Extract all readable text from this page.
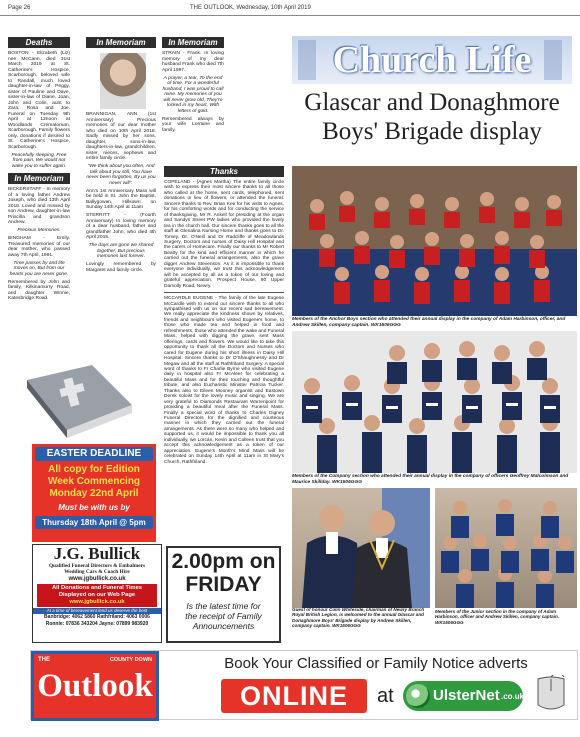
Page 26	THE OUTLOOK, Wednesday, 10th April 2019
Deaths

BOSTON - Elizabeth (Liz) nee McCann, died 31st March 2019 at St. Catherine's Hospice, Scarborough, beloved wife to Randall, much loved daughter-in-law of Peggy, sister of Pauline and Dave, sister-in-law of Diane, Joan, John and Colin, aunt to Zara, Rosa and Joe. Funeral on Tuesday 9th April at 12noon at Woodlands Crematorium, Scarborough. Family flowers only, donations if desired to St. Catherine's Hospice, Scarborough.

Peacefully sleeping, Free from pain, We would not wake you to suffer again.

In Memoriam

BICKERSTAFF - In memory of a loving father Andrew Joseph, who died 13th April 2018. Loved and missed by son Andrew, daughter-in-law Priscilla and grandson Andrew.

Precious Memories.

BINGHAM - Emily. Treasured memories of our dear mother, who passed away 7th April, 1991.

Time passes by and life moves on, But from our hearts you are never gone.

Remembered by John and family, Kilkinamurry Road, and daughter Winnie, Katesbridge Road.

In Memoriam

BRANNIGAN, ANN (1st Anniversary) Precious memories of our dear mother who died on 10th April 2018. Sadly missed by her sons, daughter, sons-in-law, daughters-in-law, grandchildren, sister, nieces, nephews and entire family circle.

"We think about you often, And talk about you still, You have never been forgotten, By us you never will".

Ann's 1st Anniversary Mass will be held in St. John the Baptist, Ballygowan, Hillsown on Sunday 14th April at 11am

STERRITT - (Fourth Anniversary) In loving memory of a dear husband, father and grandfather John, who died 4th April 2015.

The days are gone we shared together, But precious memories last forever.

Lovingly remembered by Margaret and family circle.

In Memoriam

STRAIN - Frank. In loving memory of my dear husband Frank who died 7th April 1997.

A prayer, a tear, To the end of time. For a wonderful husband, I was proud to call mine. My memories of you will never grow old, They're locked in my heart, With letters of gold.

Remembered always by your wife Lorraine and family.

EASTER DEADLINE
All copy for Edition
Week Commencing
Monday 22nd April
Must be with us by
Thursday 18th April @ 5pm
J.G. Bullick
Qualified Funeral Directors & Embalmers
Wedding Cars & Coach Hire
www.jgbullick.co.uk
All Donations and Funeral Times
Displayed on our Web Page
www.jgbullick.co.uk
At a time of bereavement lend us deserve the best
Banbridge: 4062 5860 Rathfriland: 4063 0006
Ronnie: 07836 343204 Jayne: 07899 983920
2.00pm on
FRIDAY
Is the latest time for
the receipt of Family
Announcements
Thanks

COPELAND - (Agnes Martha) The entire family circle wish to express their most sincere thanks to all those who called at the home, sent cards, telephoned, sent donations in lieu of flowers, or attended the funeral. Sincere thanks to Rev. Brian Kee for his visits to Agnes, for his comforting words and for conducting the service of thanksgiving, Mr R. Ankell for presiding at the organ and Sandys Street PW ladies who provided the lovely tea in the church hall. Our sincere thanks goes to all the staff at Glenalina Nursing Home and thanks goes to Dr. Tomey, Dr. O'Neill and Dr Radcliffe of Meadowlands Surgery, Doctors and nurses of Daisy Hill Hospital and the carers of Homecare. Finally our thanks to Mr Robert Beatty for the kind and efficient manner in which he carried out the funeral arrangements, also the grave digger Andrew Stevenson. As it is impossible to thank everyone individually, we trust this acknowledgement will be accepted by all as a token of our loving and grateful appreciation. Prospect House, 90 Upper Damolly Road, Newry.

MCCARDLE EUGENE - The family of the late Eugene McCardle wish to extend our sincere thanks to all who sympathised with us on our recent sad bereavement. We really appreciate the kindness shown by relatives, friends and neighbours who visited Eugene's home, to those who made tea and helped in food and refreshments, those who attended the wake and Funeral Mass, helped with digging the grave, sent Mass offerings, cards and flowers. We would like to take this opportunity to thank all the Doctors and Nurses who cared for Eugene during his short illness in Daisy Hill Hospital. Sincere thanks to Dr O'Shaughnessy and Dr Megaw and all the staff at Rathfriland Surgery. A special word of thanks to Fr Charlie Byrne who visited Eugene daily in hospital also Fr McAleer for celebrating a beautiful Mass and for their touching and thoughtful tribute, and also Eucharistic Minister Patricia Tucker. Thanks also to Eileen Mooney organist and Eastown Derek soloist for the lovely music and singing. We are very grateful to Diamonds Restaurant Warrenpoint for providing a beautiful meal after the Funeral Mass. Finally a special word of thanks to Charles Digney Funeral Directors for the dignified and courteous manner in which they carried out the funeral arrangements. As there were so many who helped and supported us, it would be impossible to thank you all individually, we Lorcán, Kevin and Colleen trust that you accept this acknowledgement as a token of our appreciation. Eugene's Month's Mind Mass will be celebrated on Sunday 14th April at 11am in St Mary's Church, Rathfriland.

Church Life
Glascar and Donaghmore Boys' Brigade display
Members of the Anchor Boys section who attended their annual display in the company of Adam Harbinson, officer, and Andrew Skillen, company captain. WK1506GGG
Members of the Company section who attended their annual display in the company of officers Geoffrey Malcolmson and Maurice Skillday. WK1506GGG
Guest of honour Colin Whiteside, chairman of Newry Branch Royal British Legion, is welcomed to the annual Glascar and Donaghmore Boys' Brigade display by Andrew Skillen, company captain. WK1506GGG
Members of the Junior section in the company of Adam Harbinson, officer and Andrew Skillen, company captain. WK1506GGG
THE	COUNTY DOWN
Outlook
Book Your Classified or Family Notice adverts
ONLINE	at	UlsterNet .co.uk
